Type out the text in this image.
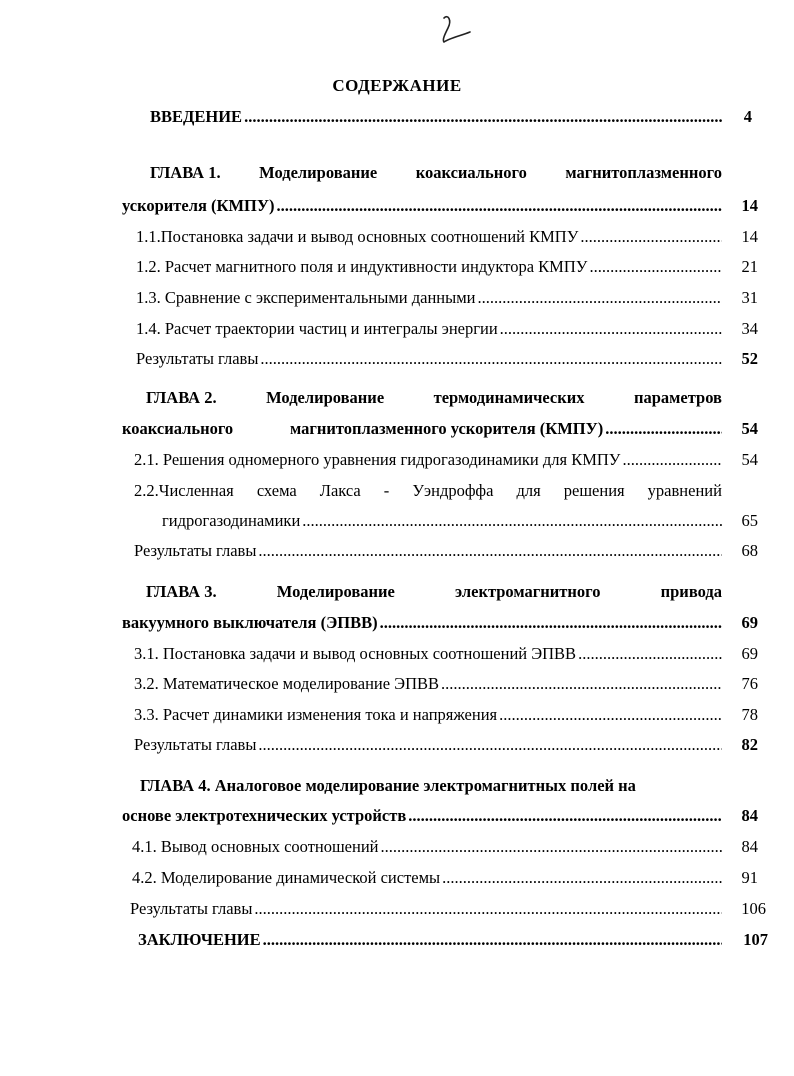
СОДЕРЖАНИЕ
ВВЕДЕНИЕ .....	4
ГЛАВА 1. Моделирование коаксиального магнитоплазменного
ускорителя (КМПУ) .....	14
1.1.Постановка задачи и вывод основных соотношений КМПУ .....	14
1.2. Расчет магнитного поля и индуктивности индуктора КМПУ .....	21
1.3. Сравнение с экспериментальными данными .....	31
1.4. Расчет траектории частиц и интегралы энергии .....	34
Результаты главы .....	52
ГЛАВА 2.	Моделирование	термодинамических	параметров
коаксиального	магнитоплазменного ускорителя (КМПУ) .....	54
2.1. Решения одномерного уравнения гидрогазодинамики для КМПУ .....	54
2.2.Численная схема Лакса - Уэндроффа для решения уравнений
гидрогазодинамики .....	65
Результаты главы .....	68
ГЛАВА 3.	Моделирование	электромагнитного	привода
вакуумного выключателя (ЭПВВ) .....	69
3.1. Постановка задачи и вывод основных соотношений ЭПВВ .....	69
3.2. Математическое моделирование ЭПВВ .....	76
3.3. Расчет динамики изменения тока и напряжения .....	78
Результаты главы .....	82
ГЛАВА 4. Аналоговое моделирование электромагнитных полей на
основе электротехнических устройств .....	84
4.1. Вывод основных соотношений .....	84
4.2. Моделирование динамической системы .....	91
Результаты главы .....	106
ЗАКЛЮЧЕНИЕ .....	107
